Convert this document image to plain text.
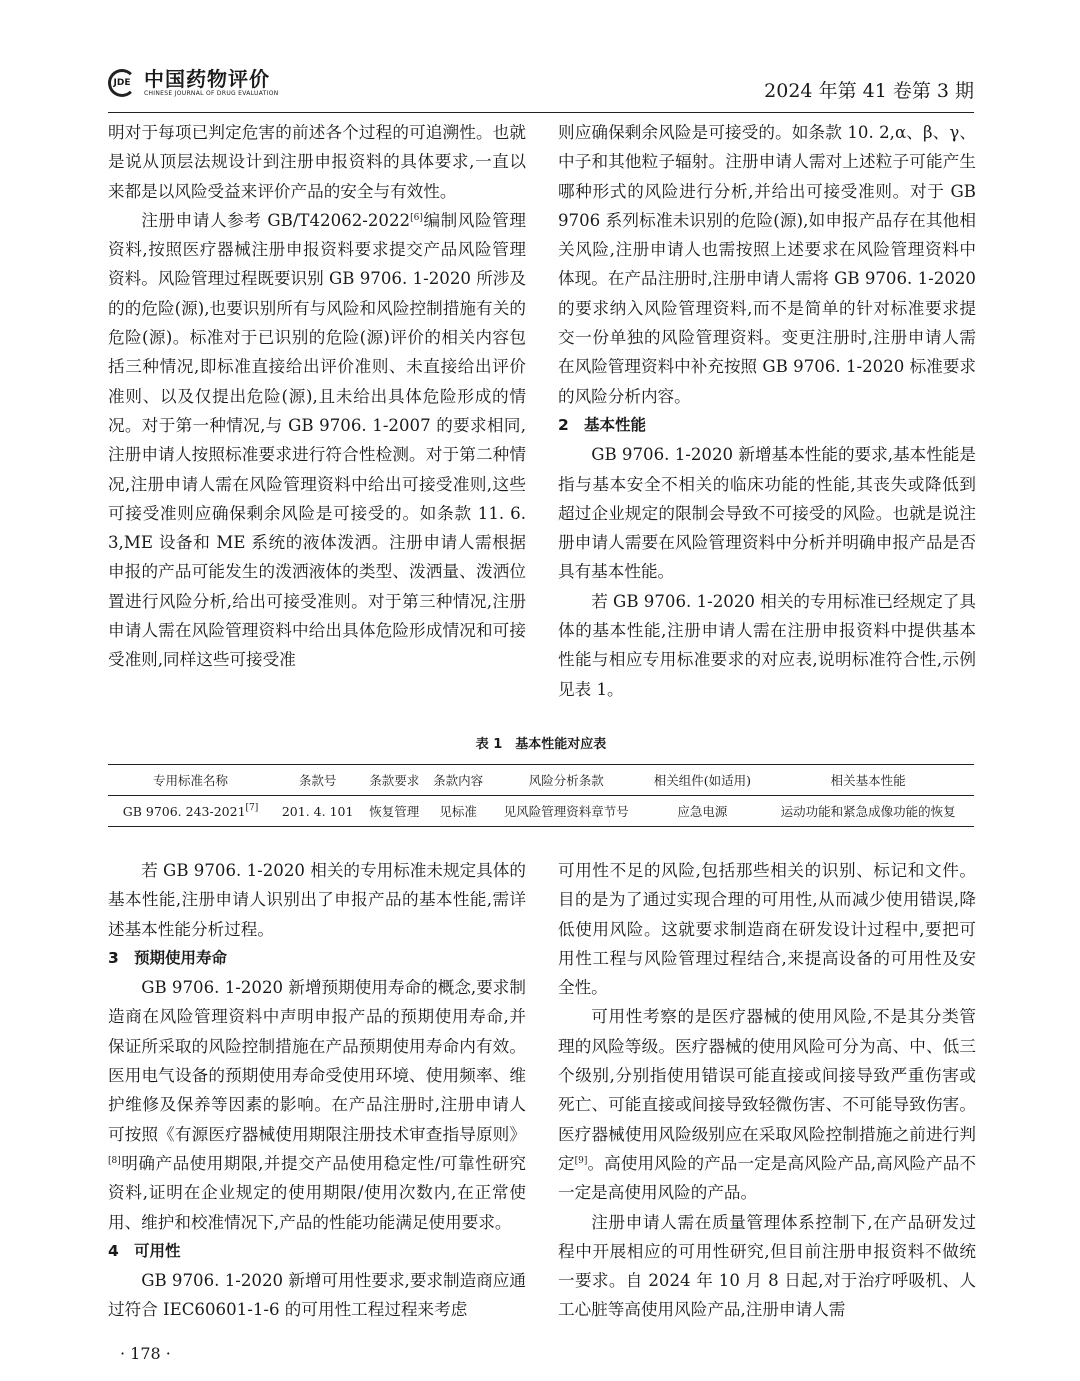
JDE 中国药物评价
CHINESE JOURNAL OF DRUG EVALUATION	2024 年第 41 卷第 3 期

明对于每项已判定危害的前述各个过程的可追溯性。也就是说从顶层法规设计到注册申报资料的具体要求,一直以来都是以风险受益来评价产品的安全与有效性。

注册申请人参考 GB/T42062-2022[6]编制风险管理资料,按照医疗器械注册申报资料要求提交产品风险管理资料。风险管理过程既要识别 GB 9706. 1-2020 所涉及的的危险(源),也要识别所有与风险和风险控制措施有关的危险(源)。标准对于已识别的危险(源)评价的相关内容包括三种情况,即标准直接给出评价准则、未直接给出评价准则、以及仅提出危险(源),且未给出具体危险形成的情况。对于第一种情况,与 GB 9706. 1-2007 的要求相同,注册申请人按照标准要求进行符合性检测。对于第二种情况,注册申请人需在风险管理资料中给出可接受准则,这些可接受准则应确保剩余风险是可接受的。如条款 11. 6. 3,ME 设备和 ME 系统的液体泼洒。注册申请人需根据申报的产品可能发生的泼洒液体的类型、泼洒量、泼洒位置进行风险分析,给出可接受准则。对于第三种情况,注册申请人需在风险管理资料中给出具体危险形成情况和可接受准则,同样这些可接受准

则应确保剩余风险是可接受的。如条款 10. 2,α、β、γ、中子和其他粒子辐射。注册申请人需对上述粒子可能产生哪种形式的风险进行分析,并给出可接受准则。对于 GB 9706 系列标准未识别的危险(源),如申报产品存在其他相关风险,注册申请人也需按照上述要求在风险管理资料中体现。在产品注册时,注册申请人需将 GB 9706. 1-2020 的要求纳入风险管理资料,而不是简单的针对标准要求提交一份单独的风险管理资料。变更注册时,注册申请人需在风险管理资料中补充按照 GB 9706. 1-2020 标准要求的风险分析内容。

2 基本性能

GB 9706. 1-2020 新增基本性能的要求,基本性能是指与基本安全不相关的临床功能的性能,其丧失或降低到超过企业规定的限制会导致不可接受的风险。也就是说注册申请人需要在风险管理资料中分析并明确申报产品是否具有基本性能。

若 GB 9706. 1-2020 相关的专用标准已经规定了具体的基本性能,注册申请人需在注册申报资料中提供基本性能与相应专用标准要求的对应表,说明标准符合性,示例见表 1。

表 1　基本性能对应表
专用标准名称	条款号	条款要求	条款内容	风险分析条款	相关组件(如适用)	相关基本性能
GB 9706. 243-2021[7]	201. 4. 101	恢复管理	见标准	见风险管理资料章节号	应急电源	运动功能和紧急成像功能的恢复

若 GB 9706. 1-2020 相关的专用标准未规定具体的基本性能,注册申请人识别出了申报产品的基本性能,需详述基本性能分析过程。

3 预期使用寿命

GB 9706. 1-2020 新增预期使用寿命的概念,要求制造商在风险管理资料中声明申报产品的预期使用寿命,并保证所采取的风险控制措施在产品预期使用寿命内有效。医用电气设备的预期使用寿命受使用环境、使用频率、维护维修及保养等因素的影响。在产品注册时,注册申请人可按照《有源医疗器械使用期限注册技术审查指导原则》[8]明确产品使用期限,并提交产品使用稳定性/可靠性研究资料,证明在企业规定的使用期限/使用次数内,在正常使用、维护和校准情况下,产品的性能功能满足使用要求。

4 可用性

GB 9706. 1-2020 新增可用性要求,要求制造商应通过符合 IEC60601-1-6 的可用性工程过程来考虑

可用性不足的风险,包括那些相关的识别、标记和文件。目的是为了通过实现合理的可用性,从而减少使用错误,降低使用风险。这就要求制造商在研发设计过程中,要把可用性工程与风险管理过程结合,来提高设备的可用性及安全性。

可用性考察的是医疗器械的使用风险,不是其分类管理的风险等级。医疗器械的使用风险可分为高、中、低三个级别,分别指使用错误可能直接或间接导致严重伤害或死亡、可能直接或间接导致轻微伤害、不可能导致伤害。医疗器械使用风险级别应在采取风险控制措施之前进行判定[9]。高使用风险的产品一定是高风险产品,高风险产品不一定是高使用风险的产品。

注册申请人需在质量管理体系控制下,在产品研发过程中开展相应的可用性研究,但目前注册申报资料不做统一要求。自 2024 年 10 月 8 日起,对于治疗呼吸机、人工心脏等高使用风险产品,注册申请人需

· 178 ·
